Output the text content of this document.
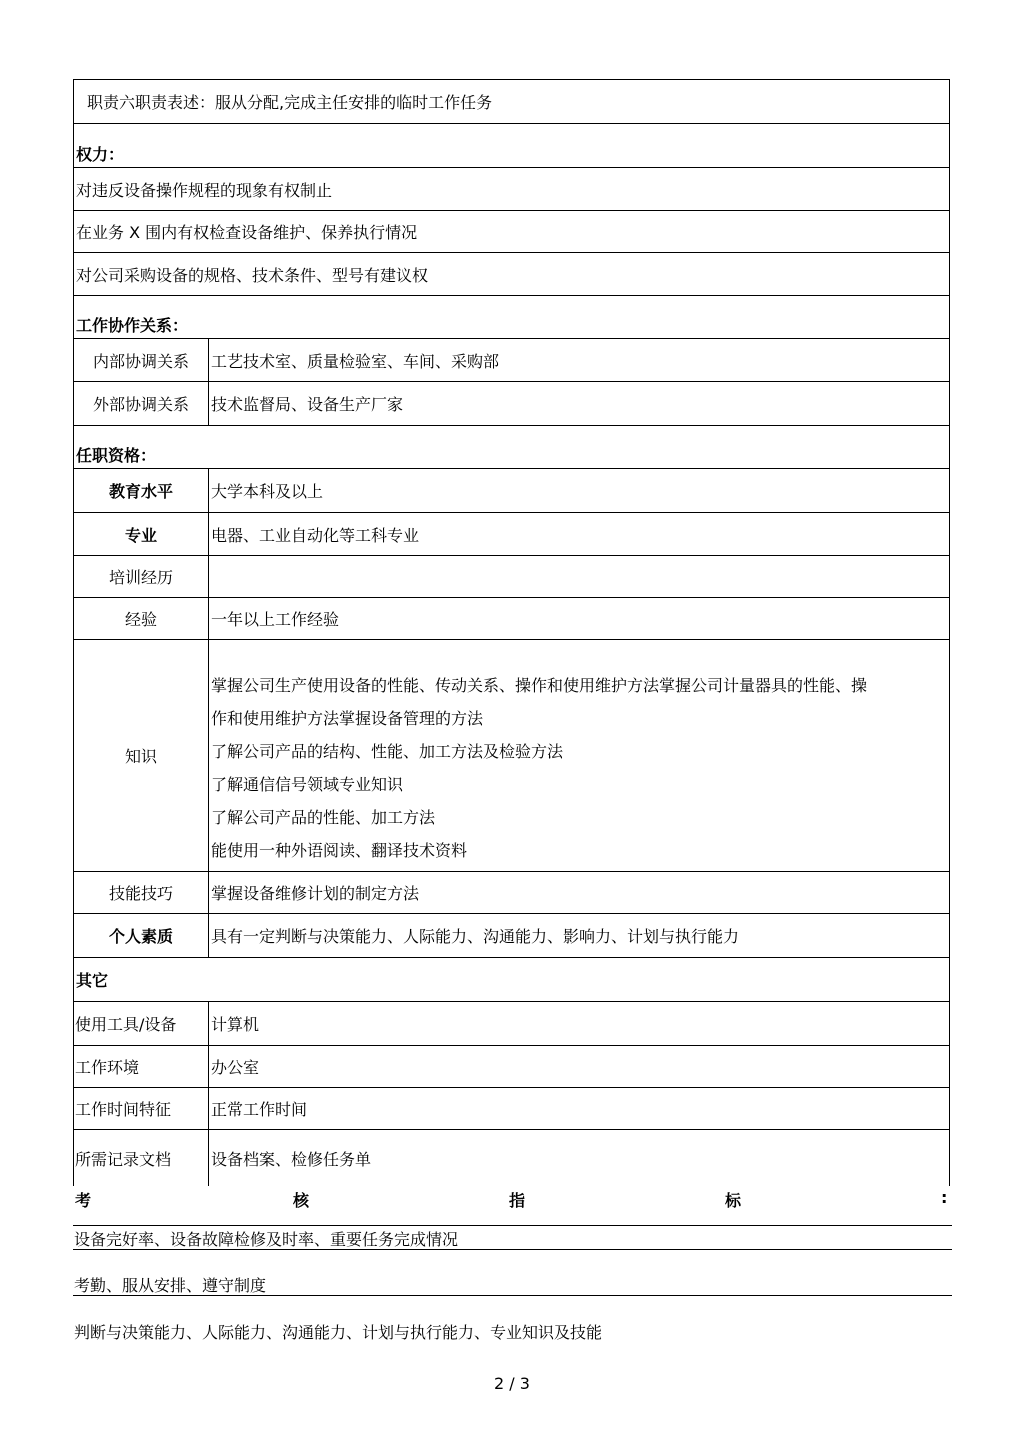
职责六职责表述：服从分配,完成主任安排的临时工作任务
权力：
对违反设备操作规程的现象有权制止
在业务 X 围内有权检查设备维护、保养执行情况
对公司采购设备的规格、技术条件、型号有建议权
工作协作关系：
内部协调关系	工艺技术室、质量检验室、车间、采购部
外部协调关系	技术监督局、设备生产厂家
任职资格：
教育水平	大学本科及以上
专业	电器、工业自动化等工科专业
培训经历
经验	一年以上工作经验
知识
掌握公司生产使用设备的性能、传动关系、操作和使用维护方法掌握公司计量器具的性能、操
作和使用维护方法掌握设备管理的方法
了解公司产品的结构、性能、加工方法及检验方法
了解通信信号领域专业知识
了解公司产品的性能、加工方法
能使用一种外语阅读、翻译技术资料
技能技巧	掌握设备维修计划的制定方法
个人素质	具有一定判断与决策能力、人际能力、沟通能力、影响力、计划与执行能力
其它
使用工具/设备	计算机
工作环境	办公室
工作时间特征	正常工作时间
所需记录文档	设备档案、检修任务单
考	核	指	标	:
设备完好率、设备故障检修及时率、重要任务完成情况
考勤、服从安排、遵守制度
判断与决策能力、人际能力、沟通能力、计划与执行能力、专业知识及技能
2 / 3
